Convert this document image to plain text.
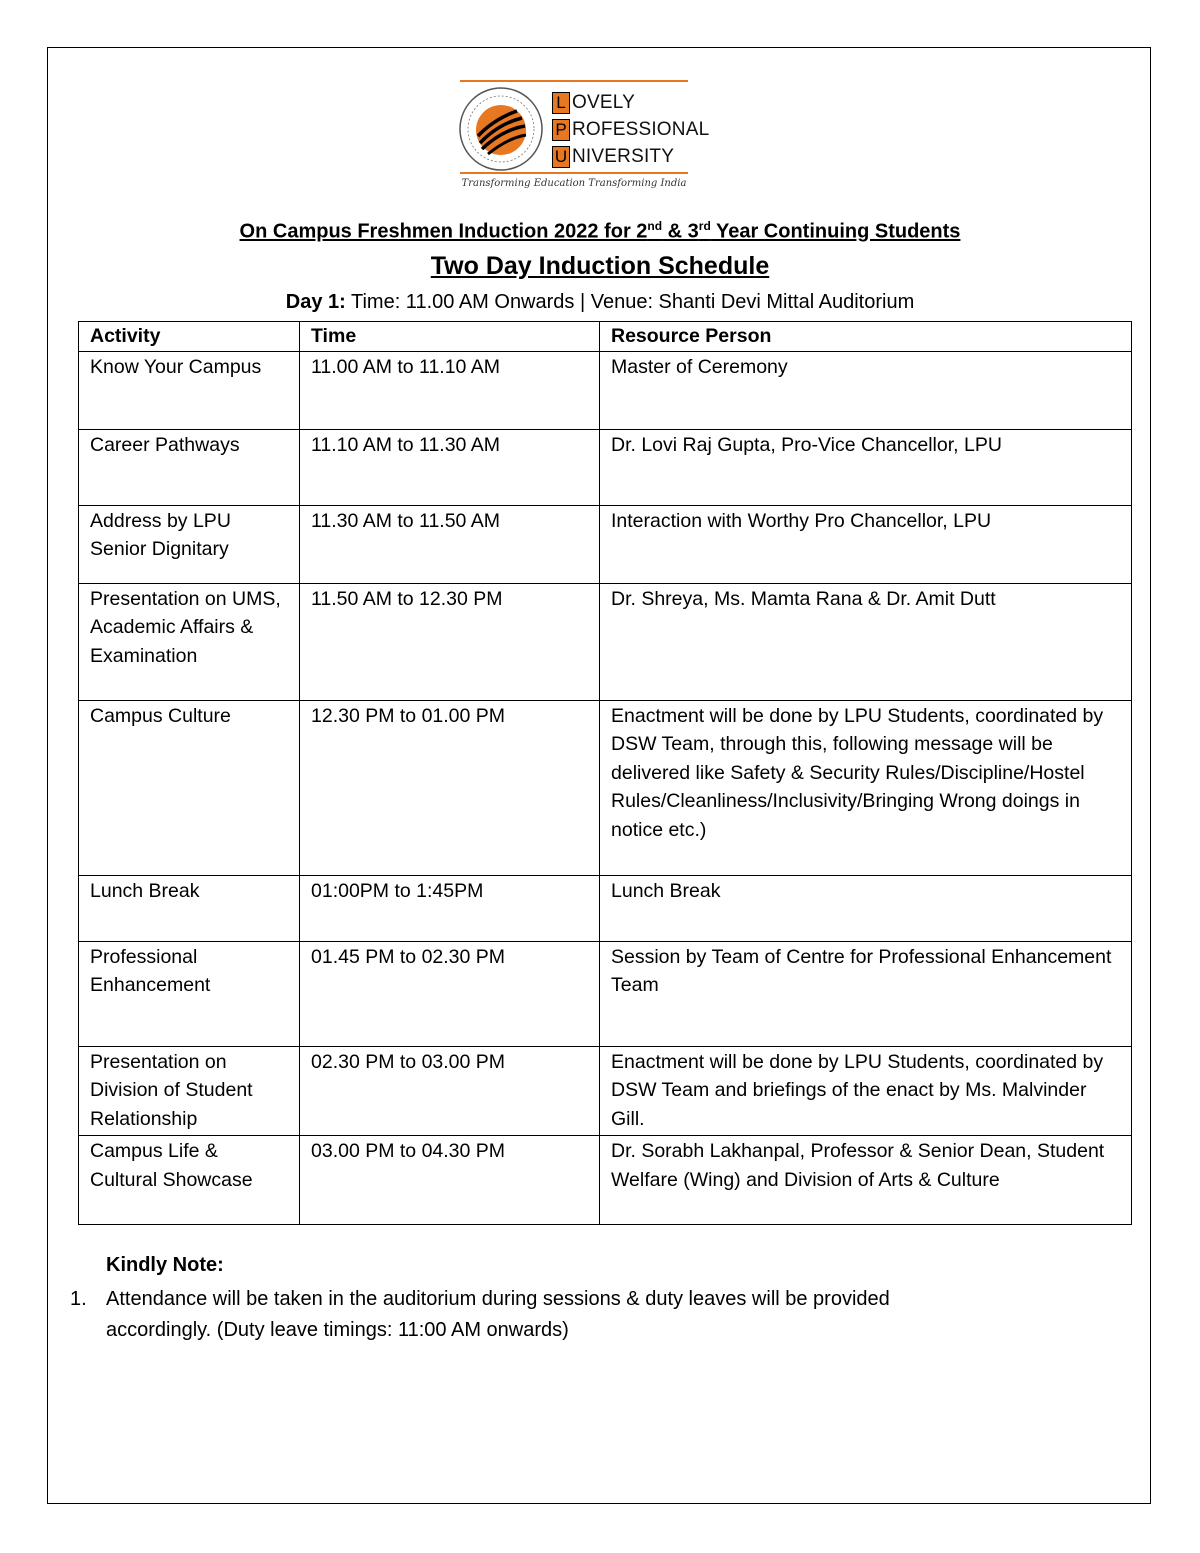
L OVELY
P ROFESSIONAL
U NIVERSITY
Transforming Education Transforming India
On Campus Freshmen Induction 2022 for 2nd & 3rd Year Continuing Students
Two Day Induction Schedule
Day 1: Time: 11.00 AM Onwards | Venue: Shanti Devi Mittal Auditorium
Activity	Time	Resource Person
Know Your Campus	11.00 AM to 11.10 AM	Master of Ceremony
Career Pathways	11.10 AM to 11.30 AM	Dr. Lovi Raj Gupta, Pro-Vice Chancellor, LPU
Address by LPU Senior Dignitary	11.30 AM to 11.50 AM	Interaction with Worthy Pro Chancellor, LPU
Presentation on UMS, Academic Affairs & Examination	11.50 AM to 12.30 PM	Dr. Shreya, Ms. Mamta Rana & Dr. Amit Dutt
Campus Culture	12.30 PM to 01.00 PM	Enactment will be done by LPU Students, coordinated by DSW Team, through this, following message will be delivered like Safety & Security Rules/Discipline/Hostel Rules/Cleanliness/Inclusivity/Bringing Wrong doings in notice etc.)
Lunch Break	01:00PM to 1:45PM	Lunch Break
Professional Enhancement	01.45 PM to 02.30 PM	Session by Team of Centre for Professional Enhancement Team
Presentation on Division of Student Relationship	02.30 PM to 03.00 PM	Enactment will be done by LPU Students, coordinated by DSW Team and briefings of the enact by Ms. Malvinder Gill.
Campus Life & Cultural Showcase	03.00 PM to 04.30 PM	Dr. Sorabh Lakhanpal, Professor & Senior Dean, Student Welfare (Wing) and Division of Arts & Culture
Kindly Note:
1. Attendance will be taken in the auditorium during sessions & duty leaves will be provided accordingly. (Duty leave timings: 11:00 AM onwards)
